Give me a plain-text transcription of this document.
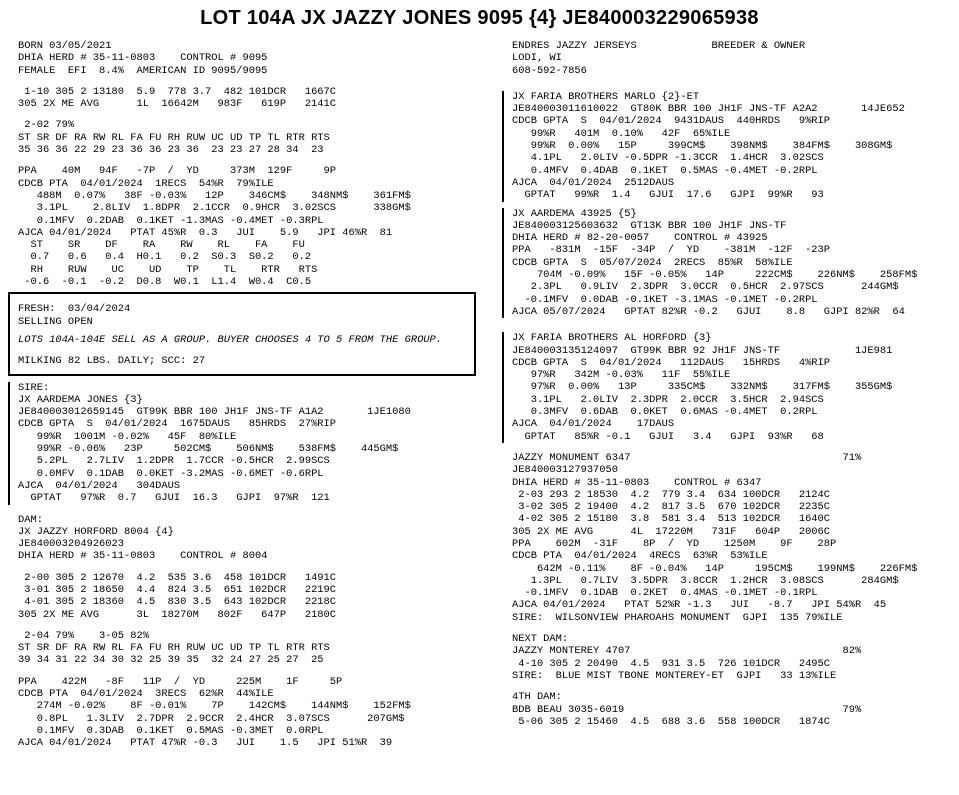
LOT 104A JX JAZZY JONES 9095 {4} JE840003229065938
BORN 03/05/2021
DHIA HERD # 35-11-0803    CONTROL # 9095
FEMALE  EFI  8.4%  AMERICAN ID 9095/9095
1-10 305 2 13180  5.9  778 3.7  482 101DCR   1667C
305 2X ME AVG      1L  16642M   983F   619P   2141C
2-02 79%
ST SR DF RA RW RL FA FU RH RUW UC UD TP TL RTR RTS
35 36 36 22 29 23 36 36 23 36  23 23 27 28 34  23
PPA    40M   94F   -7P  /  YD     373M  129F     9P
CDCB PTA  04/01/2024  1RECS  54%R  79%ILE
488M  0.07%   38F -0.03%   12P    346CM$    348NM$    361FM$
3.1PL    2.8LIV  1.8DPR  2.1CCR  0.9HCR  3.02SCS      338GM$
0.1MFV  0.2DAB  0.1KET -1.3MAS -0.4MET -0.3RPL
AJCA 04/01/2024   PTAT 45%R  0.3   JUI    5.9   JPI 46%R  81
ST    SR    DF    RA    RW    RL    FA    FU
0.7   0.6   0.4  H0.1   0.2  S0.3  S0.2   0.2
RH    RUW    UC    UD    TP    TL    RTR   RTS
-0.6  -0.1  -0.2  D0.8  W0.1  L1.4  W0.4  C0.5
FRESH:  03/04/2024
SELLING OPEN
LOTS 104A-104E SELL AS A GROUP. BUYER CHOOSES 4 TO 5 FROM THE GROUP.
MILKING 82 LBS. DAILY; SCC: 27
SIRE:
JX AARDEMA JONES {3}
JE840003012659145  GT99K BBR 100 JH1F JNS-TF A1A2       1JE1080
CDCB GPTA  S  04/01/2024  1675DAUS   85HRDS  27%RIP
99%R  1001M -0.02%   45F  80%ILE
99%R -0.06%   23P     502CM$    506NM$    538FM$    445GM$
5.2PL   2.7LIV  1.2DPR  1.7CCR -0.5HCR  2.99SCS
0.0MFV  0.1DAB  0.0KET -3.2MAS -0.6MET -0.6RPL
AJCA  04/01/2024   304DAUS
GPTAT   97%R  0.7   GJUI  16.3   GJPI  97%R  121
DAM:
JX JAZZY HORFORD 8004 {4}
JE840003204926023
DHIA HERD # 35-11-0803    CONTROL # 8004
2-00 305 2 12670  4.2  535 3.6  458 101DCR   1491C
3-01 305 2 18650  4.4  824 3.5  651 102DCR   2219C
4-01 305 2 18360  4.5  830 3.5  643 102DCR   2218C
305 2X ME AVG      3L  18270M   802F   647P   2180C
2-04 79%    3-05 82%
ST SR DF RA RW RL FA FU RH RUW UC UD TP TL RTR RTS
39 34 31 22 34 30 32 25 39 35  32 24 27 25 27  25
PPA    422M   -8F   11P  /  YD     225M    1F     5P
CDCB PTA  04/01/2024  3RECS  62%R  44%ILE
274M -0.02%    8F -0.01%    7P    142CM$    144NM$    152FM$
0.8PL   1.3LIV  2.7DPR  2.9CCR  2.4HCR  3.07SCS      207GM$
0.1MFV  0.3DAB  0.1KET  0.5MAS -0.3MET  0.0RPL
AJCA 04/01/2024   PTAT 47%R -0.3   JUI    1.5   JPI 51%R  39
ENDRES JAZZY JERSEYS            BREEDER & OWNER
LODI, WI
608-592-7856
JX FARIA BROTHERS MARLO {2}-ET
JE840003011610022  GT80K BBR 100 JH1F JNS-TF A2A2       14JE652
CDCB GPTA  S  04/01/2024  9431DAUS  440HRDS   9%RIP
99%R   401M  0.10%   42F  65%ILE
99%R  0.00%   15P     399CM$    398NM$    384FM$    308GM$
4.1PL   2.0LIV -0.5DPR -1.3CCR  1.4HCR  3.02SCS
0.4MFV  0.4DAB  0.1KET  0.5MAS -0.4MET -0.2RPL
AJCA  04/01/2024  2512DAUS
GPTAT   99%R  1.4   GJUI  17.6   GJPI  99%R   93
JX AARDEMA 43925 {5}
JE840003125603632  GT13K BBR 100 JH1F JNS-TF
DHIA HERD # 82-20-0057    CONTROL # 43925
PPA   -831M  -15F  -34P  /  YD    -381M  -12F  -23P
CDCB GPTA  S  05/07/2024  2RECS  85%R  58%ILE
704M -0.09%   15F -0.05%   14P     222CM$    226NM$    258FM$
2.3PL   0.9LIV  2.3DPR  3.0CCR  0.5HCR  2.97SCS      244GM$
-0.1MFV  0.0DAB -0.1KET -3.1MAS -0.1MET -0.2RPL
AJCA 05/07/2024   GPTAT 82%R -0.2   GJUI    8.8   GJPI 82%R  64
JX FARIA BROTHERS AL HORFORD {3}
JE840003135124097  GT99K BBR 92 JH1F JNS-TF            1JE981
CDCB GPTA  S  04/01/2024   112DAUS   15HRDS   4%RIP
97%R   342M -0.03%   11F  55%ILE
97%R  0.00%   13P     335CM$    332NM$    317FM$    355GM$
3.1PL   2.0LIV  2.3DPR  2.0CCR  3.5HCR  2.94SCS
0.3MFV  0.6DAB  0.0KET  0.6MAS -0.4MET  0.2RPL
AJCA  04/01/2024    17DAUS
GPTAT   85%R -0.1   GJUI   3.4   GJPI  93%R   68
JAZZY MONUMENT 6347                                  71%
JE840003127937050
DHIA HERD # 35-11-0803    CONTROL # 6347
2-03 293 2 18530  4.2  779 3.4  634 100DCR   2124C
3-02 305 2 19400  4.2  817 3.5  670 102DCR   2235C
4-02 305 2 15180  3.8  581 3.4  513 102DCR   1640C
305 2X ME AVG      4L  17220M   731F   604P   2006C
PPA    602M  -31F    8P  /  YD    1250M    9F    28P
CDCB PTA  04/01/2024  4RECS  63%R  53%ILE
642M -0.11%    8F -0.04%   14P     195CM$    199NM$    226FM$
1.3PL   0.7LIV  3.5DPR  3.8CCR  1.2HCR  3.08SCS      284GM$
-0.1MFV  0.1DAB  0.2KET  0.4MAS -0.1MET -0.1RPL
AJCA 04/01/2024   PTAT 52%R -1.3   JUI   -8.7   JPI 54%R  45
SIRE:  WILSONVIEW PHAROAHS MONUMENT  GJPI  135 79%ILE
NEXT DAM:
JAZZY MONTEREY 4707                                  82%
4-10 305 2 20490  4.5  931 3.5  726 101DCR   2495C
SIRE:  BLUE MIST TBONE MONTEREY-ET  GJPI   33 13%ILE
4TH DAM:
BDB BEAU 3035-6019                                   79%
5-06 305 2 15460  4.5  688 3.6  558 100DCR   1874C
